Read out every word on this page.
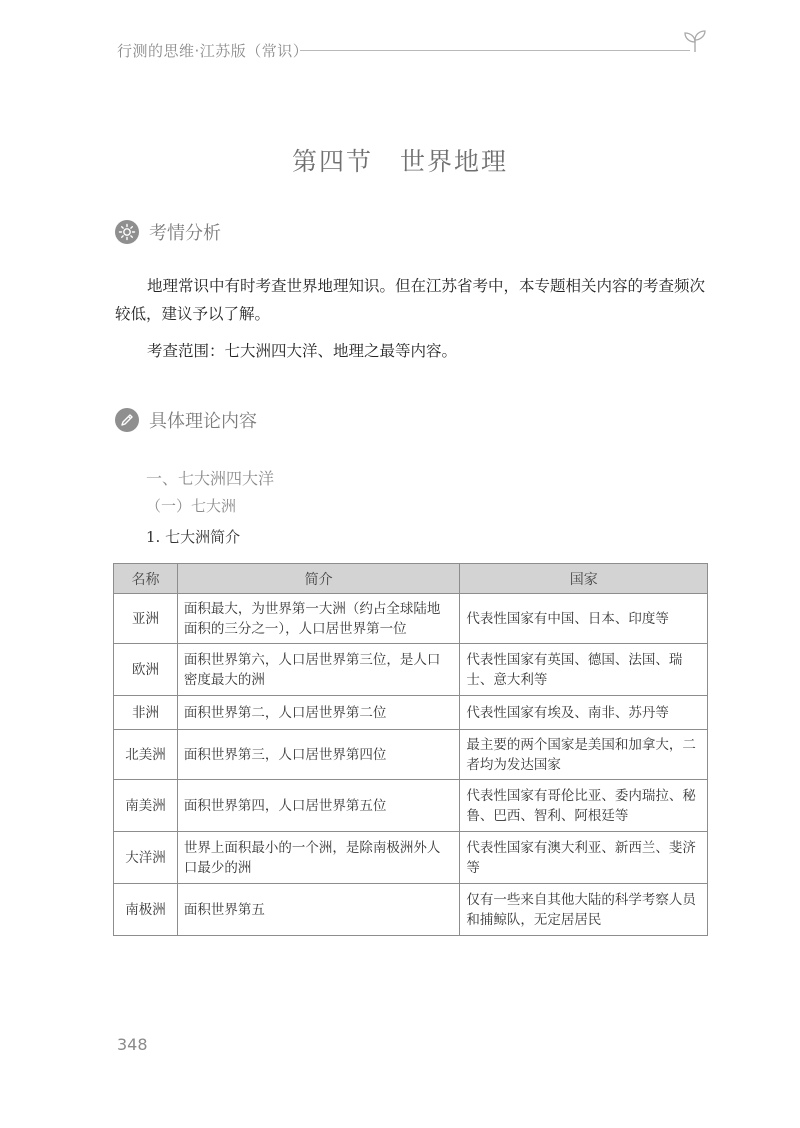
行测的思维·江苏版（常识）
第四节　世界地理
考情分析

地理常识中有时考查世界地理知识。但在江苏省考中，本专题相关内容的考查频次较低，建议予以了解。

考查范围：七大洲四大洋、地理之最等内容。

具体理论内容
一、七大洲四大洋
（一）七大洲
1. 七大洲简介
名称	简介	国家
亚洲	面积最大，为世界第一大洲（约占全球陆地面积的三分之一），人口居世界第一位	代表性国家有中国、日本、印度等
欧洲	面积世界第六，人口居世界第三位，是人口密度最大的洲	代表性国家有英国、德国、法国、瑞士、意大利等
非洲	面积世界第二，人口居世界第二位	代表性国家有埃及、南非、苏丹等
北美洲	面积世界第三，人口居世界第四位	最主要的两个国家是美国和加拿大，二者均为发达国家
南美洲	面积世界第四，人口居世界第五位	代表性国家有哥伦比亚、委内瑞拉、秘鲁、巴西、智利、阿根廷等
大洋洲	世界上面积最小的一个洲，是除南极洲外人口最少的洲	代表性国家有澳大利亚、新西兰、斐济等
南极洲	面积世界第五	仅有一些来自其他大陆的科学考察人员和捕鲸队，无定居居民
348
